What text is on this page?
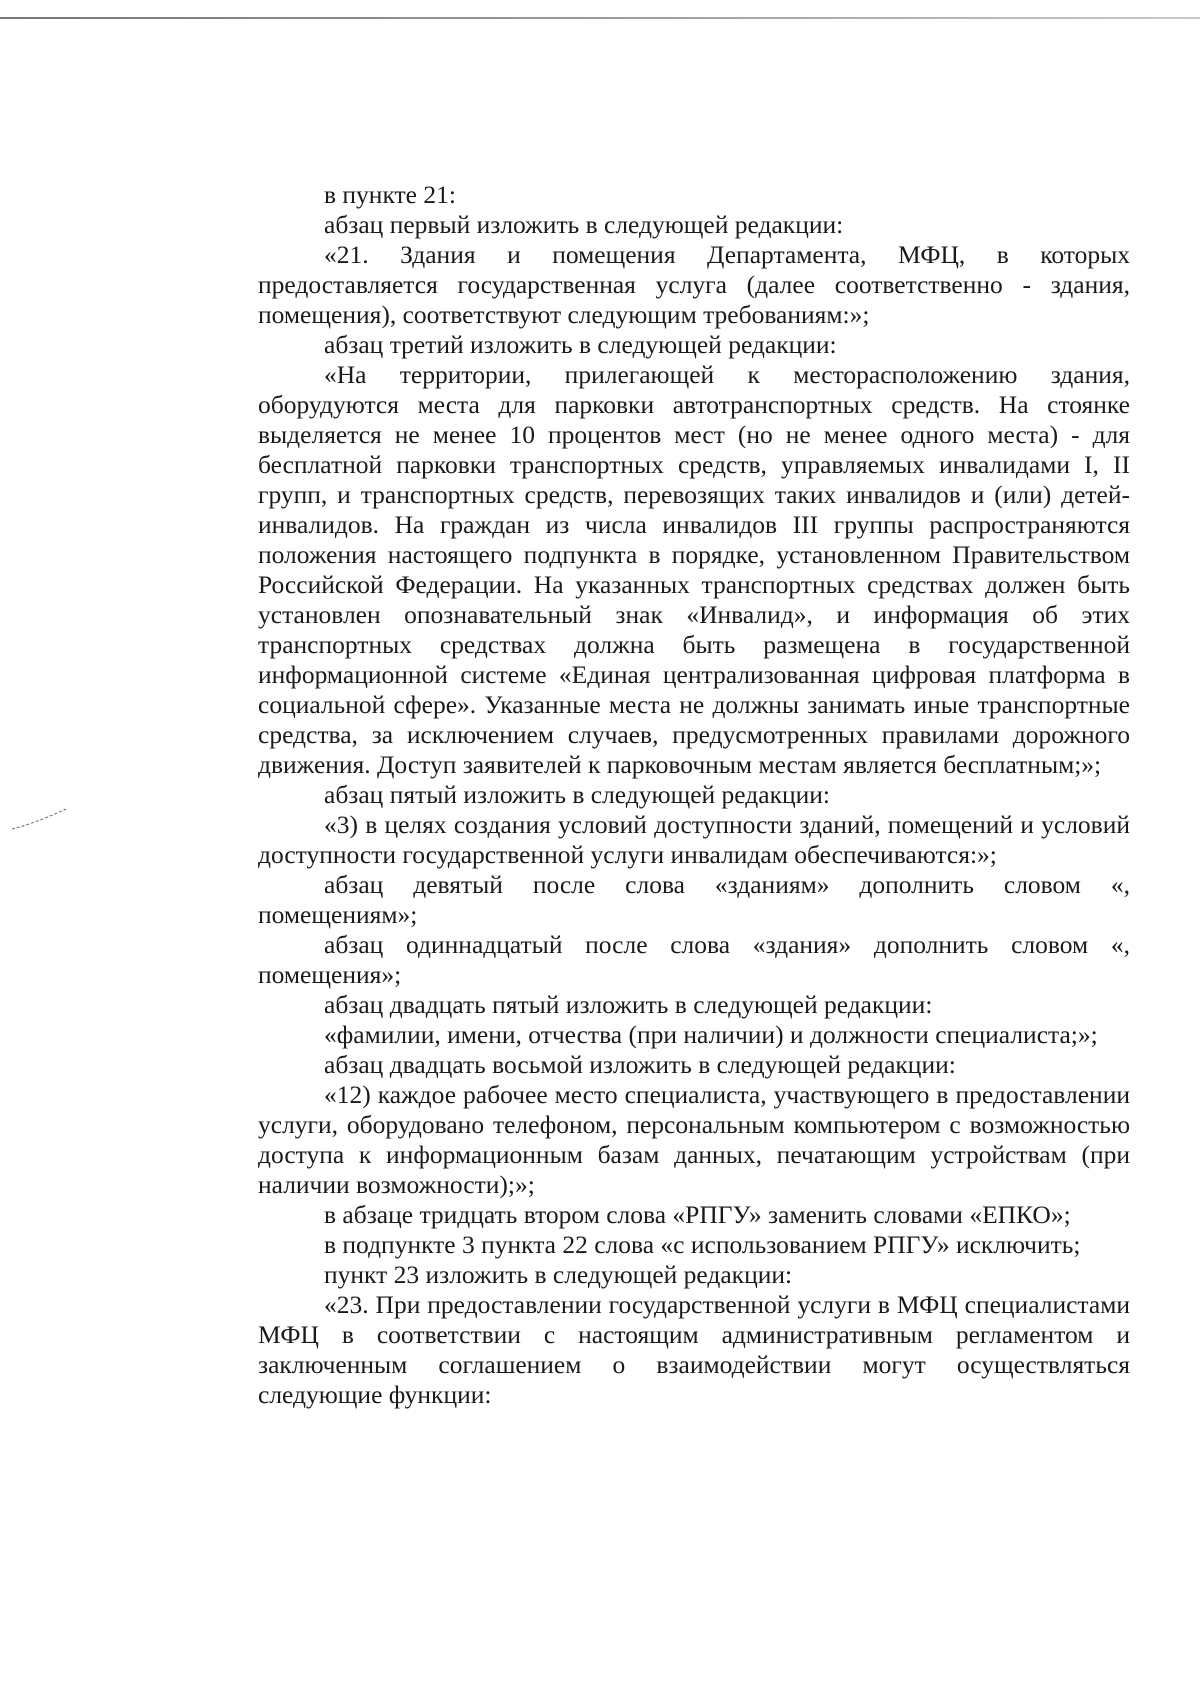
в пункте 21:

абзац первый изложить в следующей редакции:

«21. Здания и помещения Департамента, МФЦ, в которых предоставляется государственная услуга (далее соответственно - здания, помещения), соответствуют следующим требованиям:»;

абзац третий изложить в следующей редакции:

«На территории, прилегающей к месторасположению здания, оборудуются места для парковки автотранспортных средств. На стоянке выделяется не менее 10 процентов мест (но не менее одного места) - для бесплатной парковки транспортных средств, управляемых инвалидами I, II групп, и транспортных средств, перевозящих таких инвалидов и (или) детей-инвалидов. На граждан из числа инвалидов III группы распространяются положения настоящего подпункта в порядке, установленном Правительством Российской Федерации. На указанных транспортных средствах должен быть установлен опознавательный знак «Инвалид», и информация об этих транспортных средствах должна быть размещена в государственной информационной системе «Единая централизованная цифровая платформа в социальной сфере». Указанные места не должны занимать иные транспортные средства, за исключением случаев, предусмотренных правилами дорожного движения. Доступ заявителей к парковочным местам является бесплатным;»;

абзац пятый изложить в следующей редакции:

«3) в целях создания условий доступности зданий, помещений и условий доступности государственной услуги инвалидам обеспечиваются:»;

абзац девятый после слова «зданиям» дополнить словом «, помещениям»;

абзац одиннадцатый после слова «здания» дополнить словом «, помещения»;

абзац двадцать пятый изложить в следующей редакции:

«фамилии, имени, отчества (при наличии) и должности специалиста;»;

абзац двадцать восьмой изложить в следующей редакции:

«12) каждое рабочее место специалиста, участвующего в предоставлении услуги, оборудовано телефоном, персональным компьютером с возможностью доступа к информационным базам данных, печатающим устройствам (при наличии возможности);»;

в абзаце тридцать втором слова «РПГУ» заменить словами «ЕПКО»;

в подпункте 3 пункта 22 слова «с использованием РПГУ» исключить;

пункт 23 изложить в следующей редакции:

«23. При предоставлении государственной услуги в МФЦ специалистами МФЦ в соответствии с настоящим административным регламентом и заключенным соглашением о взаимодействии могут осуществляться следующие функции:
